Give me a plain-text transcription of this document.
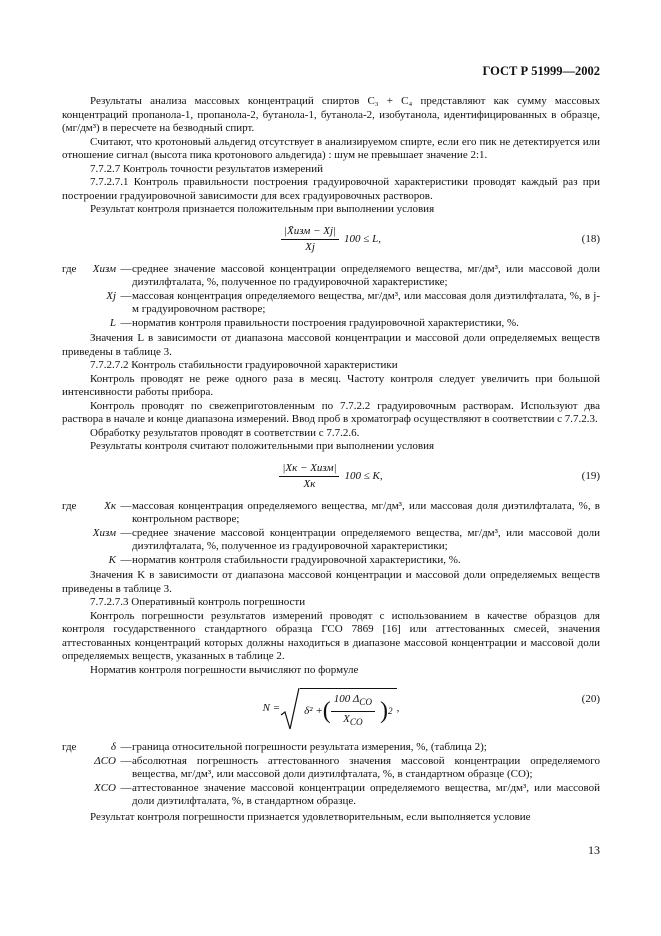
ГОСТ Р 51999—2002

Результаты анализа массовых концентраций спиртов C₃ + C₄ представляют как сумму массовых концентраций пропанола-1, пропанола-2, бутанола-1, бутанола-2, изобутанола, идентифицированных в образце, (мг/дм³) в пересчете на безводный спирт.

Считают, что кротоновый альдегид отсутствует в анализируемом спирте, если его пик не детектируется или отношение сигнал (высота пика кротонового альдегида) : шум не превышает значение 2:1.

7.7.2.7 Контроль точности результатов измерений

7.7.2.7.1 Контроль правильности построения градуировочной характеристики проводят каждый раз при построении градуировочной зависимости для всех градуировочных растворов.

Результат контроля признается положительным при выполнении условия

$\frac{\text{|X̄изм − Xj|}}{Xj} 100 \le L$,	(18)
где	Xизм — среднее значение массовой концентрации определяемого вещества, мг/дм³, или массовой доли диэтилфталата, %, полученное по градуировочной характеристике;
Xj — массовая концентрация определяемого вещества, мг/дм³, или массовая доля диэтилфталата, %, в j-м градуировочном растворе;
L — норматив контроля правильности построения градуировочной характеристики, %.

Значения L в зависимости от диапазона массовой концентрации и массовой доли определяемых веществ приведены в таблице 3.

7.7.2.7.2 Контроль стабильности градуировочной характеристики

Контроль проводят не реже одного раза в месяц. Частоту контроля следует увеличить при большой интенсивности работы прибора.

Контроль проводят по свежеприготовленным по 7.7.2.2 градуировочным растворам. Используют два раствора в начале и конце диапазона измерений. Ввод проб в хроматограф осуществляют в соответствии с 7.7.2.3.

Обработку результатов проводят в соответствии с 7.7.2.6.

Результаты контроля считают положительными при выполнении условия

$\frac{\text{|Xк − Xизм|}}{Xк} 100 \le K$,	(19)
где	Xк — массовая концентрация определяемого вещества, мг/дм³, или массовая доля диэтилфталата, %, в контрольном растворе;
Xизм — среднее значение массовой концентрации определяемого вещества, мг/дм³, или массовой доли диэтилфталата, %, полученное из градуировочной характеристики;
K — норматив контроля стабильности градуировочной характеристики, %.

Значения K в зависимости от диапазона массовой концентрации и массовой доли определяемых веществ приведены в таблице 3.

7.7.2.7.3 Оперативный контроль погрешности

Контроль погрешности результатов измерений проводят с использованием в качестве образцов для контроля государственного стандартного образца ГСО 7869 [16] или аттестованных смесей, значения аттестованных концентраций которых должны находиться в диапазоне массовой концентрации и массовой доли определяемых веществ, указанных в таблице 2.

Норматив контроля погрешности вычисляют по формуле

N = δ² + ( $\frac{100 \Delta_{CO}}{X_{CO}}$ ) 2 ,
(20)
где	δ — граница относительной погрешности результата измерения, %, (таблица 2);
ΔCO — абсолютная погрешность аттестованного значения массовой концентрации определяемого вещества, мг/дм³, или массовой доли диэтилфталата, %, в стандартном образце (СО);
XCO — аттестованное значение массовой концентрации определяемого вещества, мг/дм³, или массовой доли диэтилфталата, %, в стандартном образце.

Результат контроля погрешности признается удовлетворительным, если выполняется условие

13
